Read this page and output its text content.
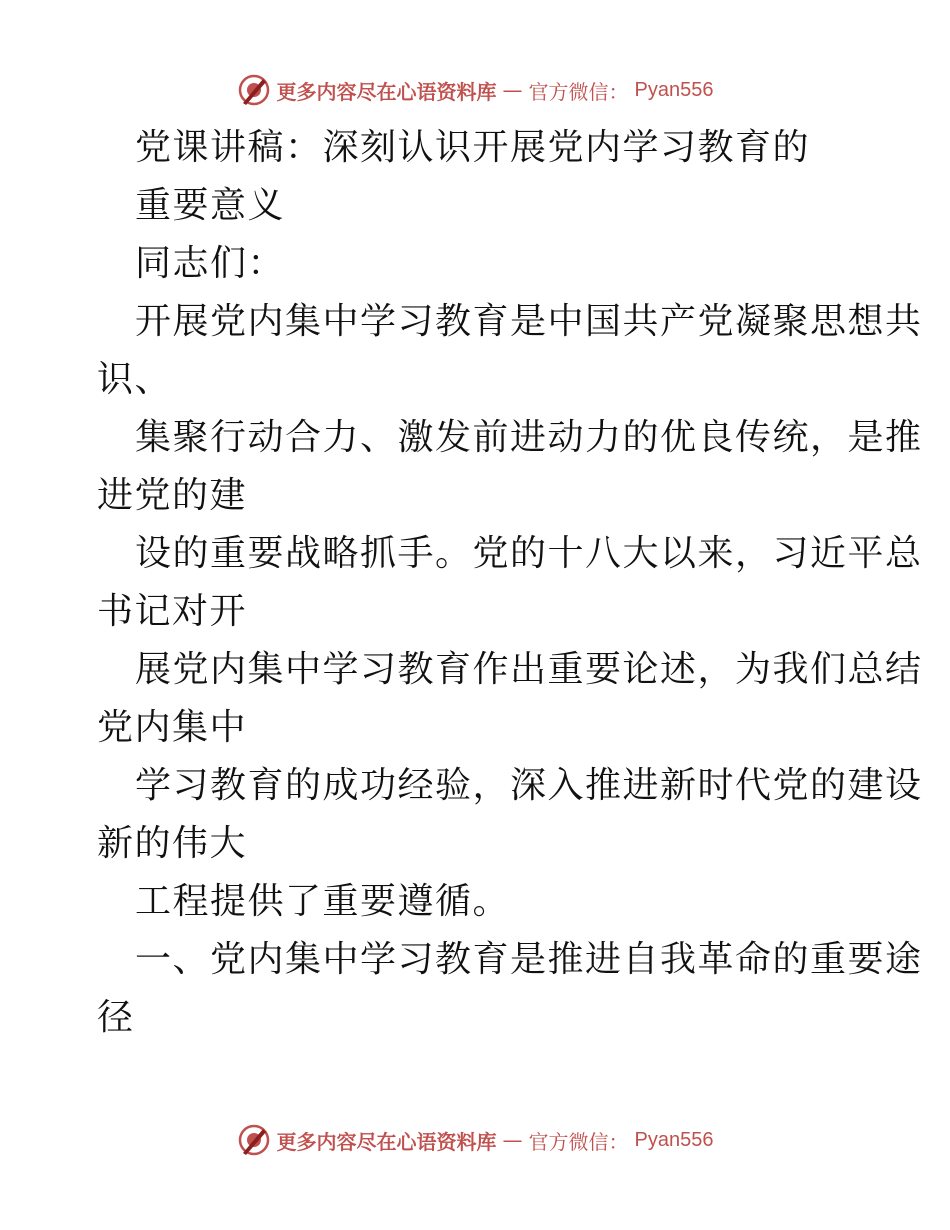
更多内容尽在心语资料库 — 官方微信： Pyan556
党课讲稿：深刻认识开展党内学习教育的
重要意义
同志们：
开展党内集中学习教育是中国共产党凝聚思想共
识、
集聚行动合力、激发前进动力的优良传统，是推
进党的建
设的重要战略抓手。党的十八大以来，习近平总
书记对开
展党内集中学习教育作出重要论述，为我们总结
党内集中
学习教育的成功经验，深入推进新时代党的建设
新的伟大
工程提供了重要遵循。
一、党内集中学习教育是推进自我革命的重要途
径
更多内容尽在心语资料库 — 官方微信： Pyan556
